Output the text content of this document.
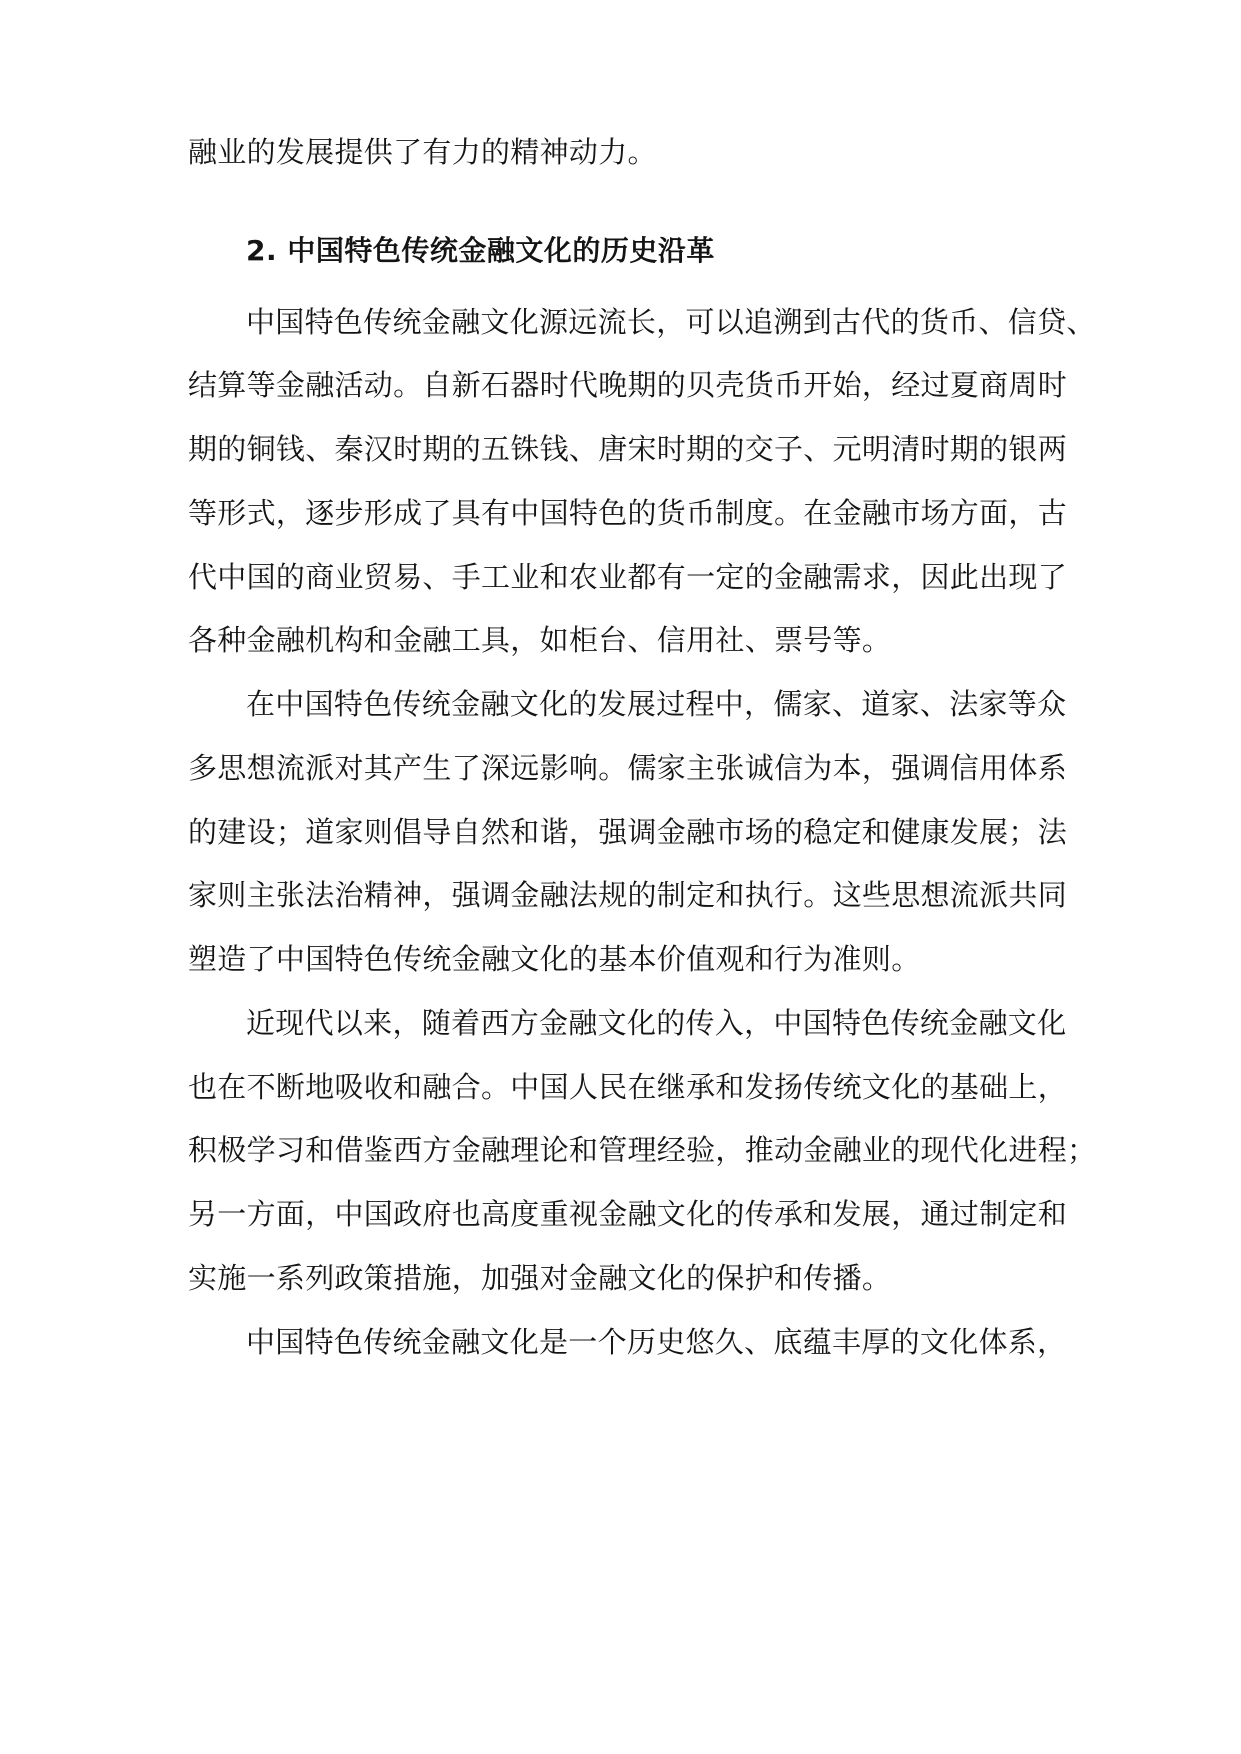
融业的发展提供了有力的精神动力。

2. 中国特色传统金融文化的历史沿革

中国特色传统金融文化源远流长，可以追溯到古代的货币、信贷、

结算等金融活动。自新石器时代晚期的贝壳货币开始，经过夏商周时

期的铜钱、秦汉时期的五铢钱、唐宋时期的交子、元明清时期的银两

等形式，逐步形成了具有中国特色的货币制度。在金融市场方面，古

代中国的商业贸易、手工业和农业都有一定的金融需求，因此出现了

各种金融机构和金融工具，如柜台、信用社、票号等。

在中国特色传统金融文化的发展过程中，儒家、道家、法家等众

多思想流派对其产生了深远影响。儒家主张诚信为本，强调信用体系

的建设；道家则倡导自然和谐，强调金融市场的稳定和健康发展；法

家则主张法治精神，强调金融法规的制定和执行。这些思想流派共同

塑造了中国特色传统金融文化的基本价值观和行为准则。

近现代以来，随着西方金融文化的传入，中国特色传统金融文化

也在不断地吸收和融合。中国人民在继承和发扬传统文化的基础上，

积极学习和借鉴西方金融理论和管理经验，推动金融业的现代化进程；

另一方面，中国政府也高度重视金融文化的传承和发展，通过制定和

实施一系列政策措施，加强对金融文化的保护和传播。

中国特色传统金融文化是一个历史悠久、底蕴丰厚的文化体系，
